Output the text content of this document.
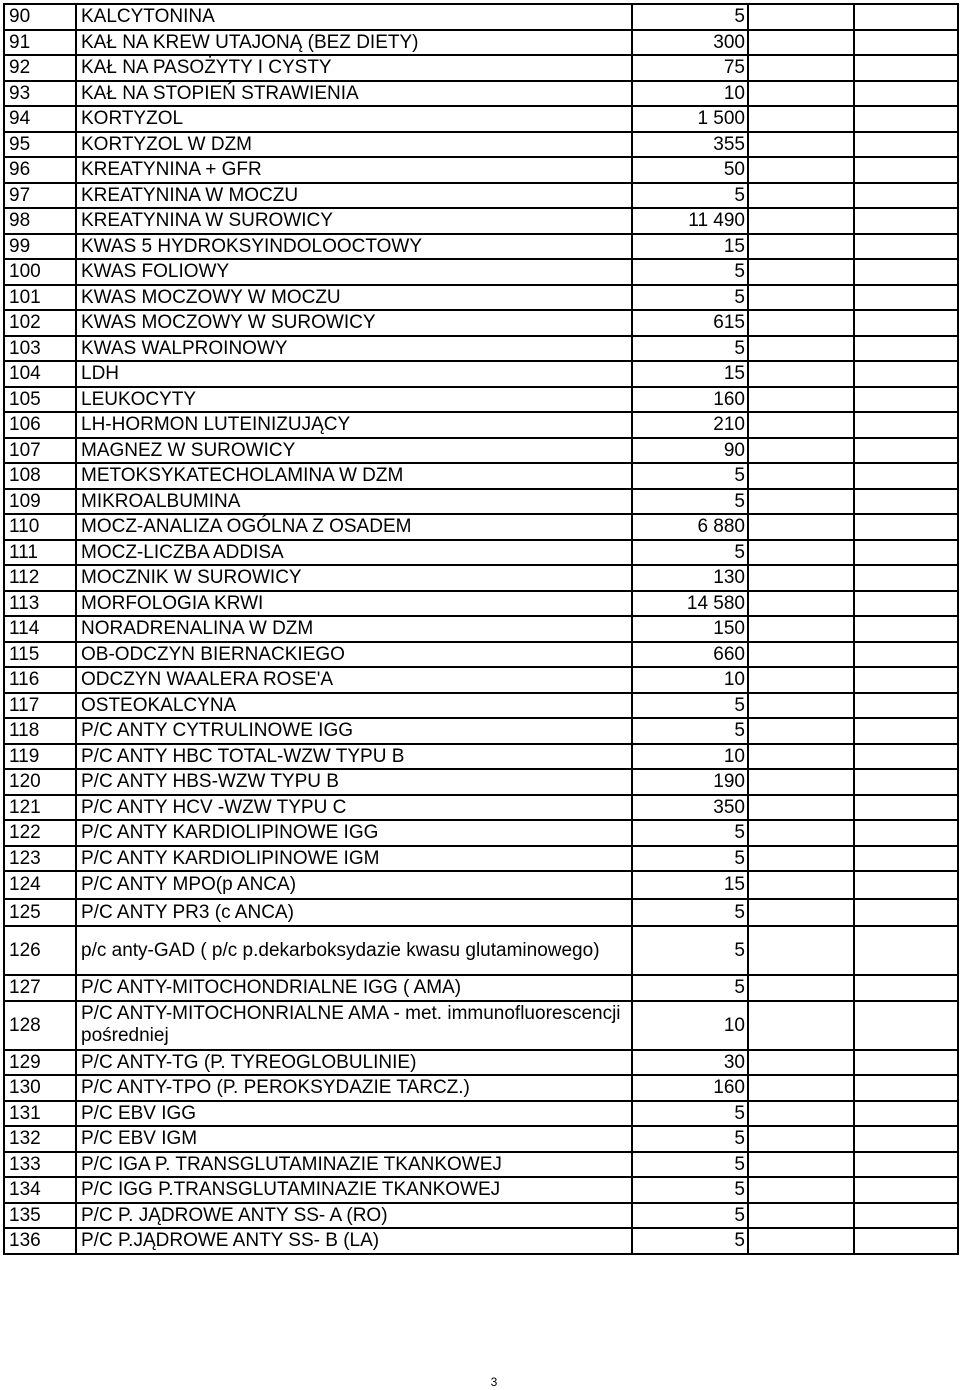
90	KALCYTONINA	5		
91	KAŁ NA KREW UTAJONĄ (BEZ DIETY)	300		
92	KAŁ NA PASOŻYTY I CYSTY	75		
93	KAŁ NA STOPIEŃ STRAWIENIA	10		
94	KORTYZOL	1 500		
95	KORTYZOL W DZM	355		
96	KREATYNINA + GFR	50		
97	KREATYNINA W MOCZU	5		
98	KREATYNINA W SUROWICY	11 490		
99	KWAS 5 HYDROKSYINDOLOOCTOWY	15		
100	KWAS FOLIOWY	5		
101	KWAS MOCZOWY W MOCZU	5		
102	KWAS MOCZOWY W SUROWICY	615		
103	KWAS WALPROINOWY	5		
104	LDH	15		
105	LEUKOCYTY	160		
106	LH-HORMON LUTEINIZUJĄCY	210		
107	MAGNEZ W SUROWICY	90		
108	METOKSYKATECHOLAMINA W DZM	5		
109	MIKROALBUMINA	5		
110	MOCZ-ANALIZA OGÓLNA Z OSADEM	6 880		
111	MOCZ-LICZBA ADDISA	5		
112	MOCZNIK W SUROWICY	130		
113	MORFOLOGIA KRWI	14 580		
114	NORADRENALINA W DZM	150		
115	OB-ODCZYN BIERNACKIEGO	660		
116	ODCZYN WAALERA ROSE'A	10		
117	OSTEOKALCYNA	5		
118	P/C ANTY CYTRULINOWE IGG	5		
119	P/C ANTY HBC TOTAL-WZW TYPU B	10		
120	P/C ANTY HBS-WZW TYPU B	190		
121	P/C ANTY HCV -WZW TYPU C	350		
122	P/C ANTY KARDIOLIPINOWE IGG	5		
123	P/C ANTY KARDIOLIPINOWE IGM	5		
124	P/C ANTY MPO(p ANCA)	15		
125	P/C ANTY PR3 (c ANCA)	5		
126	p/c anty-GAD ( p/c p.dekarboksydazie kwasu glutaminowego)	5		
127	P/C ANTY-MITOCHONDRIALNE IGG ( AMA)	5		
128	P/C ANTY-MITOCHONRIALNE AMA - met. immunofluorescencji pośredniej	10		
129	P/C ANTY-TG (P. TYREOGLOBULINIE)	30		
130	P/C ANTY-TPO (P. PEROKSYDAZIE TARCZ.)	160		
131	P/C EBV IGG	5		
132	P/C EBV IGM	5		
133	P/C IGA P. TRANSGLUTAMINAZIE TKANKOWEJ	5		
134	P/C IGG P.TRANSGLUTAMINAZIE TKANKOWEJ	5		
135	P/C P. JĄDROWE ANTY SS- A (RO)	5		
136	P/C P.JĄDROWE ANTY SS- B (LA)	5		
3
